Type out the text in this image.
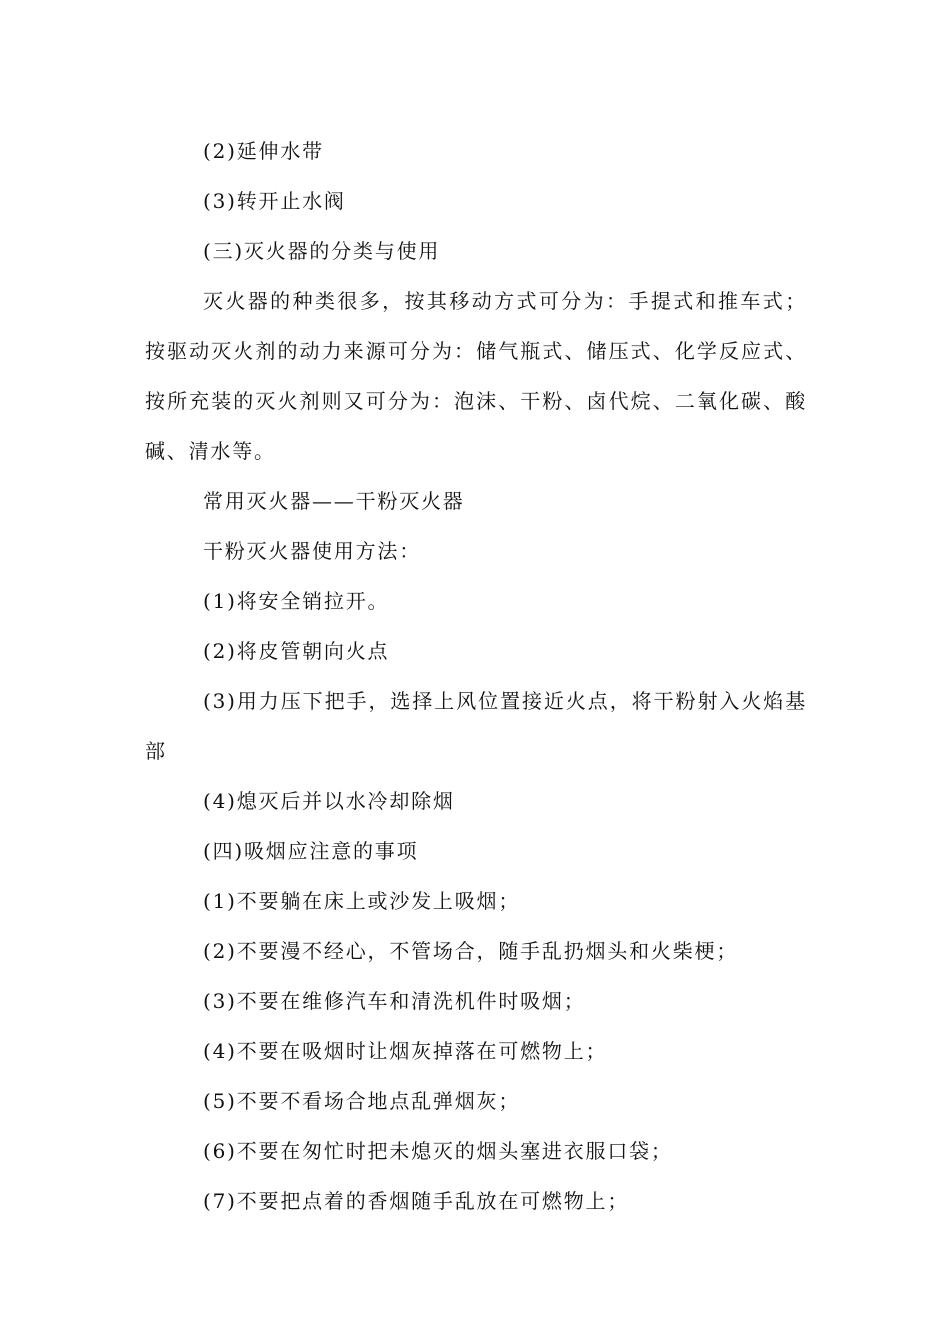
(2)延伸水带

(3)转开止水阀

(三)灭火器的分类与使用

灭火器的种类很多，按其移动方式可分为：手提式和推车式；按驱动灭火剂的动力来源可分为：储气瓶式、储压式、化学反应式、按所充装的灭火剂则又可分为：泡沫、干粉、卤代烷、二氧化碳、酸碱、清水等。

常用灭火器——干粉灭火器

干粉灭火器使用方法：

(1)将安全销拉开。

(2)将皮管朝向火点

(3)用力压下把手，选择上风位置接近火点，将干粉射入火焰基部

(4)熄灭后并以水冷却除烟

(四)吸烟应注意的事项

(1)不要躺在床上或沙发上吸烟；

(2)不要漫不经心，不管场合，随手乱扔烟头和火柴梗；

(3)不要在维修汽车和清洗机件时吸烟；

(4)不要在吸烟时让烟灰掉落在可燃物上；

(5)不要不看场合地点乱弹烟灰；

(6)不要在匆忙时把未熄灭的烟头塞进衣服口袋；

(7)不要把点着的香烟随手乱放在可燃物上；
